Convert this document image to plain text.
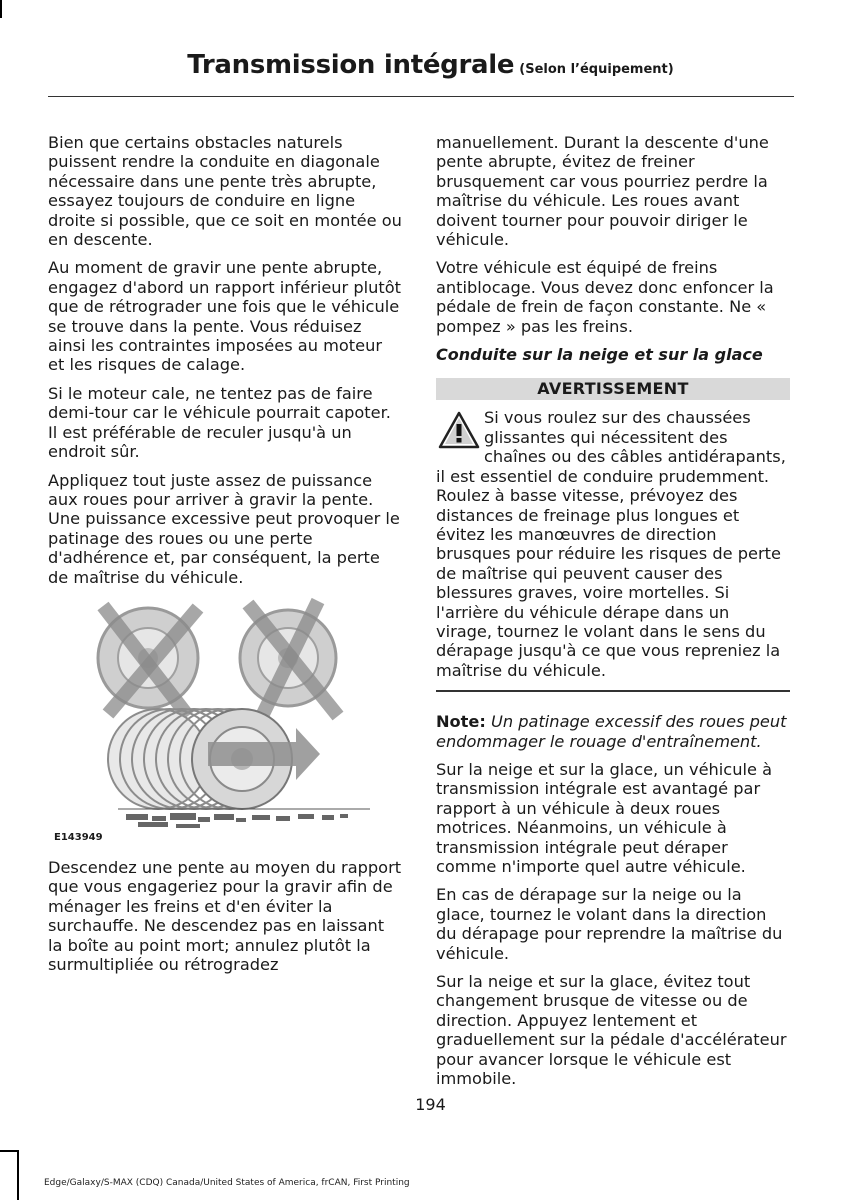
Transmission intégrale (Selon l’équipement)

Bien que certains obstacles naturels puissent rendre la conduite en diagonale nécessaire dans une pente très abrupte, essayez toujours de conduire en ligne droite si possible, que ce soit en montée ou en descente.

Au moment de gravir une pente abrupte, engagez d'abord un rapport inférieur plutôt que de rétrograder une fois que le véhicule se trouve dans la pente. Vous réduisez ainsi les contraintes imposées au moteur et les risques de calage.

Si le moteur cale, ne tentez pas de faire demi-tour car le véhicule pourrait capoter. Il est préférable de reculer jusqu'à un endroit sûr.

Appliquez tout juste assez de puissance aux roues pour arriver à gravir la pente. Une puissance excessive peut provoquer le patinage des roues ou une perte d'adhérence et, par conséquent, la perte de maîtrise du véhicule.

E143949

Descendez une pente au moyen du rapport que vous engageriez pour la gravir afin de ménager les freins et d'en éviter la surchauffe. Ne descendez pas en laissant la boîte au point mort; annulez plutôt la surmultipliée ou rétrogradez

manuellement. Durant la descente d'une pente abrupte, évitez de freiner brusquement car vous pourriez perdre la maîtrise du véhicule. Les roues avant doivent tourner pour pouvoir diriger le véhicule.

Votre véhicule est équipé de freins antiblocage. Vous devez donc enfoncer la pédale de frein de façon constante. Ne « pompez » pas les freins.

Conduite sur la neige et sur la glace
AVERTISSEMENT
Si vous roulez sur des chaussées glissantes qui nécessitent des chaînes ou des câbles antidérapants,
il est essentiel de conduire prudemment. Roulez à basse vitesse, prévoyez des distances de freinage plus longues et évitez les manœuvres de direction brusques pour réduire les risques de perte de maîtrise qui peuvent causer des blessures graves, voire mortelles. Si l'arrière du véhicule dérape dans un virage, tournez le volant dans le sens du dérapage jusqu'à ce que vous repreniez la maîtrise du véhicule.

Note: Un patinage excessif des roues peut endommager le rouage d'entraînement.

Sur la neige et sur la glace, un véhicule à transmission intégrale est avantagé par rapport à un véhicule à deux roues motrices. Néanmoins, un véhicule à transmission intégrale peut déraper comme n'importe quel autre véhicule.

En cas de dérapage sur la neige ou la glace, tournez le volant dans la direction du dérapage pour reprendre la maîtrise du véhicule.

Sur la neige et sur la glace, évitez tout changement brusque de vitesse ou de direction. Appuyez lentement et graduellement sur la pédale d'accélérateur pour avancer lorsque le véhicule est immobile.

194
Edge/Galaxy/S-MAX (CDQ) Canada/United States of America, frCAN, First Printing
